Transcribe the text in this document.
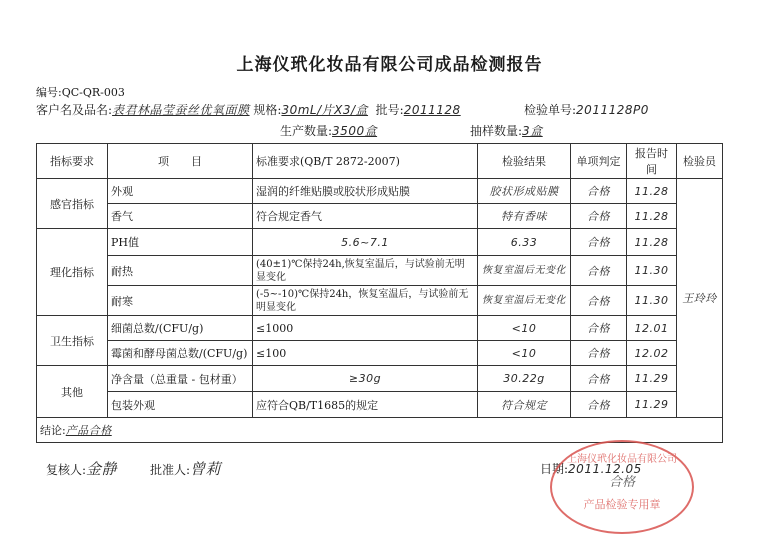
上海仪玳化妆品有限公司成品检测报告
编号:QC-QR-003
客户名及品名:表君林晶莹蚕丝优氧面膜 规格:30mL/片X3/盒 批号:2011128	检验单号:2011128P0
生产数量:3500盒	抽样数量:3盒
指标要求	项　　目	标准要求(QB/T 2872-2007)	检验结果	单项判定	报告时间	检验员
感官指标	外观	湿润的纤维贴膜或胶状形成贴膜	胶状形成贴膜	合格	11.28	王玲玲
	香气	符合规定香气	特有香味	合格	11.28	
理化指标	PH值	5.6~7.1	6.33	合格	11.28	
	耐热	(40±1)℃保持24h,恢复室温后，与试验前无明显变化	恢复室温后无变化	合格	11.30	
	耐寒	(-5~-10)℃保持24h，恢复室温后，与试验前无明显变化	恢复室温后无变化	合格	11.30	
卫生指标	细菌总数/(CFU/g)	≤1000	<10	合格	12.01	
	霉菌和酵母菌总数/(CFU/g)	≤100	<10	合格	12.02	
其他	净含量（总重量 - 包材重）	≥30g	30.22g	合格	11.29	
	包装外观	应符合QB/T1685的规定	符合规定	合格	11.29	
结论:产品合格						
复核人:金静	批准人:曾莉	日期:2011.12.05
上海仪玳化妆品有限公司
合格
产品检验专用章
